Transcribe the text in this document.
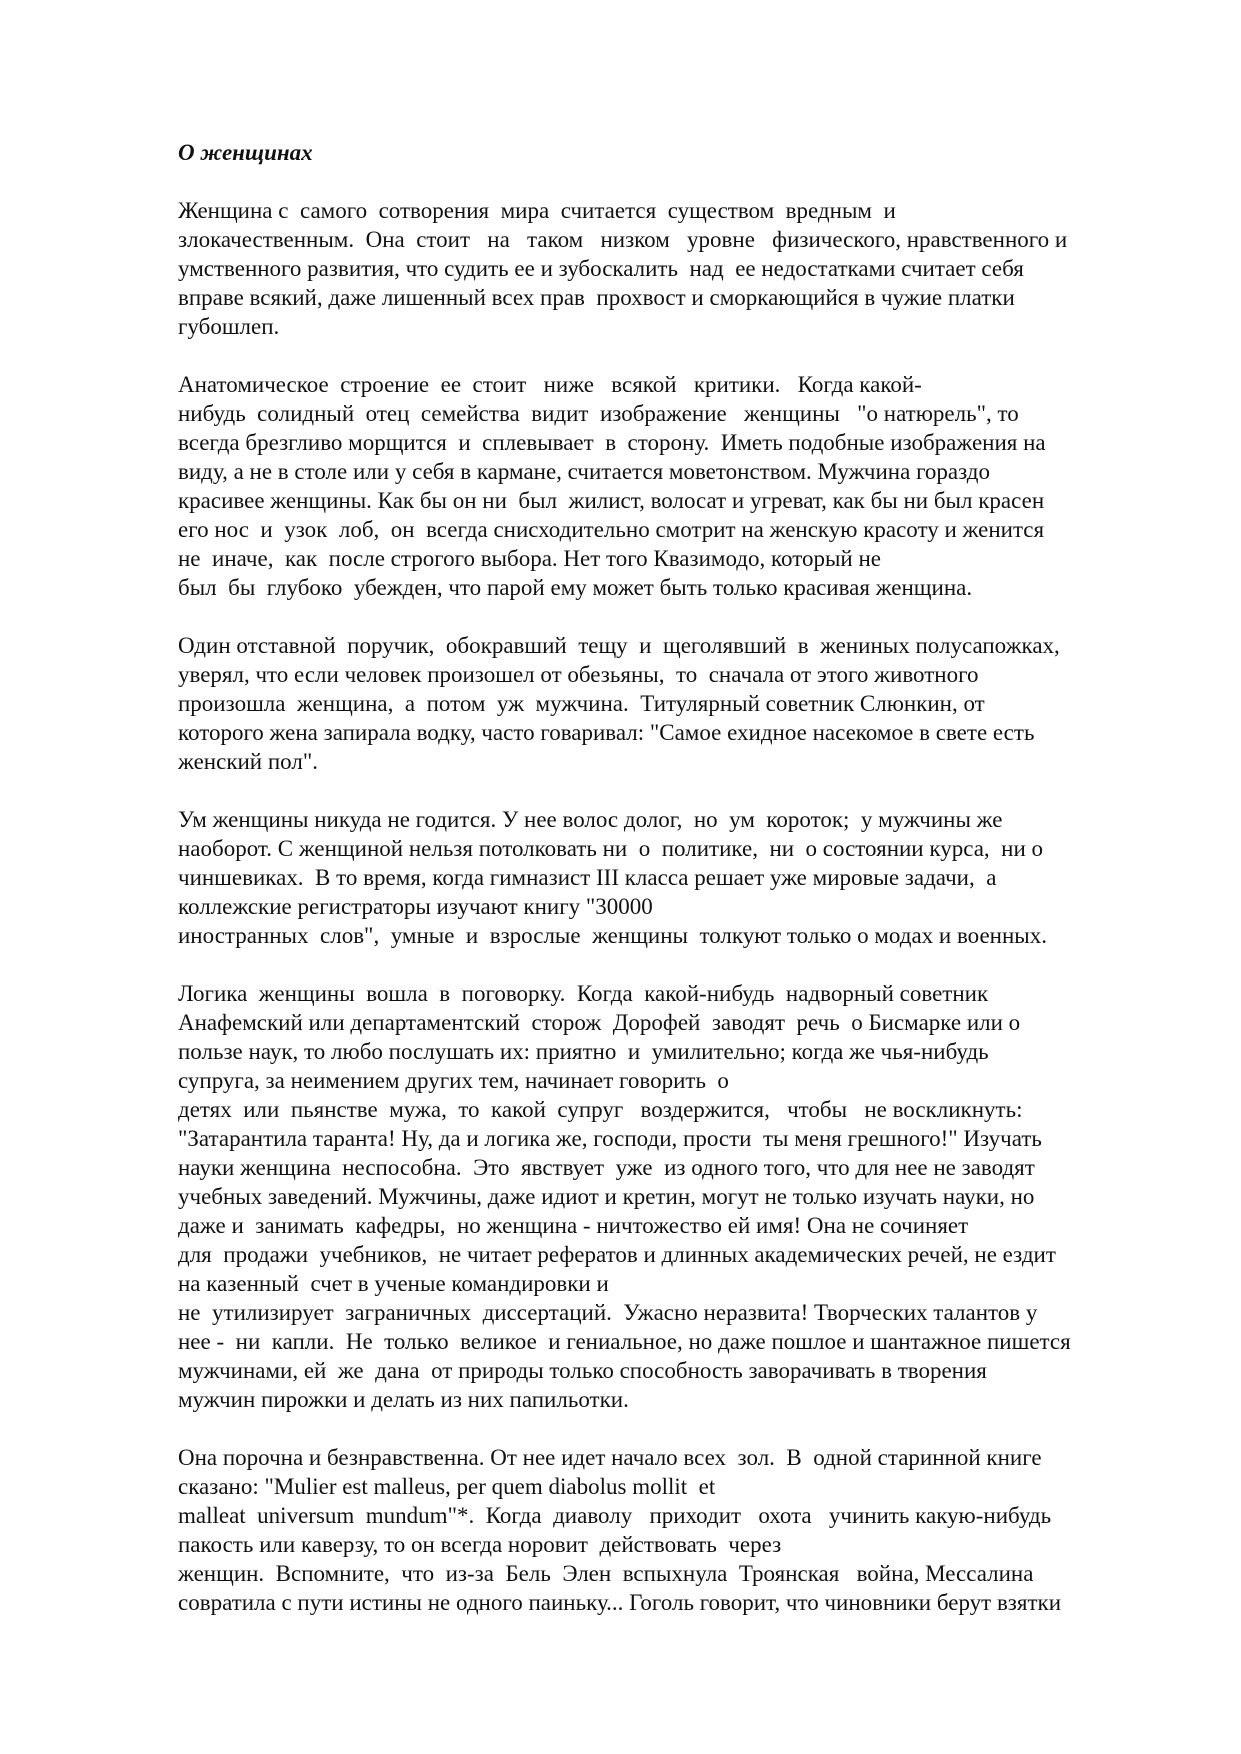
О женщинах
Женщина с  самого  сотворения  мира  считается  существом  вредным  и
злокачественным.  Она  стоит   на   таком   низком   уровне   физического, нравственного и
умственного развития, что судить ее и зубоскалить  над  ее недостатками считает себя
вправе всякий, даже лишенный всех прав  прохвост и сморкающийся в чужие платки
губошлеп.
Анатомическое  строение  ее  стоит   ниже   всякой   критики.   Когда какой-
нибудь  солидный  отец  семейства  видит  изображение   женщины   "о натюрель", то
всегда брезгливо морщится  и  сплевывает  в  сторону.  Иметь подобные изображения на
виду, а не в столе или у себя в кармане, считается моветонством. Мужчина гораздо
красивее женщины. Как бы он ни  был  жилист, волосат и угреват, как бы ни был красен
его нос  и  узок  лоб,  он  всегда снисходительно смотрит на женскую красоту и женится
не  иначе,  как  после строгого выбора. Нет того Квазимодо, который не
был  бы  глубоко  убежден, что парой ему может быть только красивая женщина.
Один отставной  поручик,  обокравший  тещу  и  щеголявший  в  жениных полусапожках,
уверял, что если человек произошел от обезьяны,  то  сначала от этого животного
произошла  женщина,  а  потом  уж  мужчина.  Титулярный советник Слюнкин, от
которого жена запирала водку, часто говаривал: "Самое ехидное насекомое в свете есть
женский пол".
Ум женщины никуда не годится. У нее волос долог,  но  ум  короток;  у мужчины же
наоборот. С женщиной нельзя потолковать ни  о  политике,  ни  о состоянии курса,  ни о
чиншевиках.  В то время, когда гимназист III класса решает уже мировые задачи,  а
коллежские регистраторы изучают книгу "30000
иностранных  слов",  умные  и  взрослые  женщины  толкуют только о модах и военных.
Логика  женщины  вошла  в  поговорку.  Когда  какой-нибудь  надворный советник
Анафемский или департаментский  сторож  Дорофей  заводят  речь  о Бисмарке или о
пользе наук, то любо послушать их: приятно  и  умилительно; когда же чья-нибудь
супруга, за неимением других тем, начинает говорить  о
детях  или  пьянстве  мужа,  то  какой  супруг   воздержится,   чтобы   не воскликнуть:
"Затарантила таранта! Ну, да и логика же, господи, прости  ты меня грешного!" Изучать
науки женщина  неспособна.  Это  явствует  уже  из одного того, что для нее не заводят
учебных заведений. Мужчины, даже идиот и кретин, могут не только изучать науки, но
даже и  занимать  кафедры,  но женщина - ничтожество ей имя! Она не сочиняет
для  продажи  учебников,  не читает рефератов и длинных академических речей, не ездит
на казенный  счет в ученые командировки и
не  утилизирует  заграничных  диссертаций.  Ужасно неразвита! Творческих талантов у
нее -  ни  капли.  Не  только  великое  и гениальное, но даже пошлое и шантажное пишется
мужчинами, ей  же  дана  от природы только способность заворачивать в творения
мужчин пирожки и делать из них папильотки.
Она порочна и безнравственна. От нее идет начало всех  зол.  В  одной старинной книге
сказано: "Mulier est malleus, per quem diabolus mollit  et
malleat  universum  mundum"*.  Когда  диаволу   приходит   охота   учинить какую-нибудь
пакость или каверзу, то он всегда норовит  действовать  через
женщин.  Вспомните,  что  из-за  Бель  Элен  вспыхнула  Троянская   война, Мессалина
совратила с пути истины не одного паиньку... Гоголь говорит, что чиновники берут взятки
